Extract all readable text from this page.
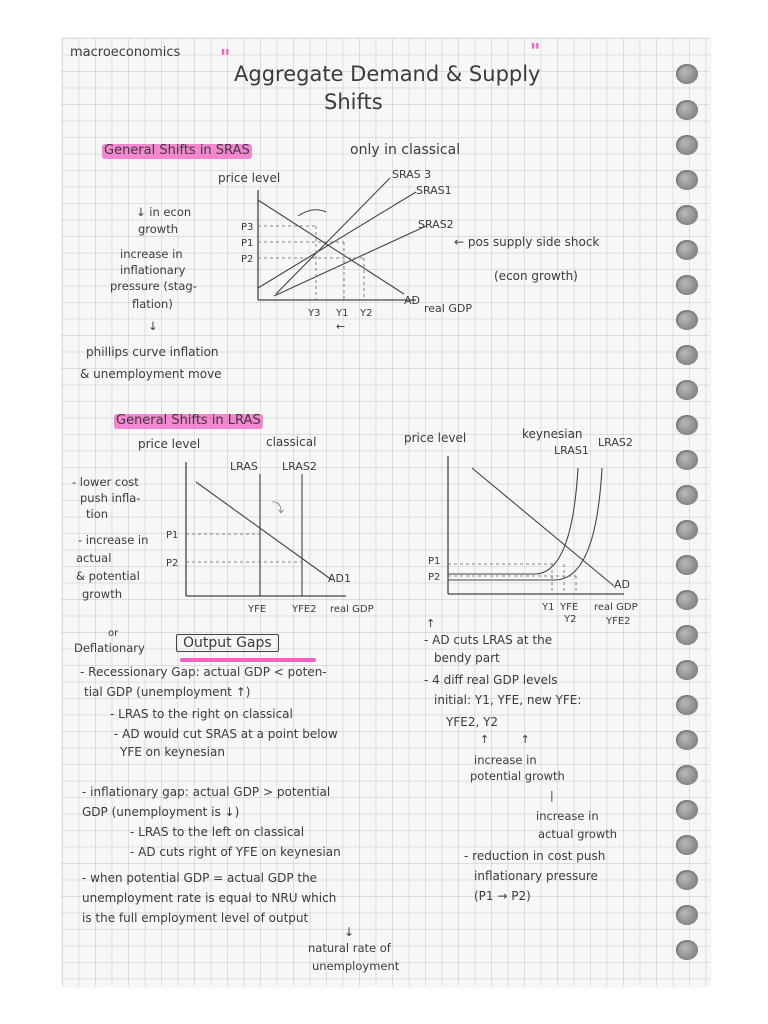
macroeconomics "
Aggregate Demand & Supply
Shifts
"
General Shifts in SRAS	only in classical
price level	SRAS 3
SRAS1
SRAS2
AD
P3
P1
P2
Y3 Y1 Y2
←
real GDP
↓ in econ
growth
increase in
inflationary
pressure (stag-
flation)
↓
phillips curve inflation
& unemployment move
← pos supply side shock
(econ growth)
General Shifts in LRAS
price level	classical
⤵
LRAS LRAS2
AD1
P1
P2
YFE	YFE2 real GDP
- lower cost
push infla-
tion
- increase in
actual
& potential
growth
price level	keynesian
LRAS1
LRAS2
AD
P1
P2
Y1 YFE
Y2
real GDP
YFE2
Deflationary
or
Output Gaps
- Recessionary Gap: actual GDP < poten-
tial GDP (unemployment ↑)
- LRAS to the right on classical
- AD would cut SRAS at a point below
YFE on keynesian
- inflationary gap: actual GDP > potential
GDP (unemployment is ↓)
- LRAS to the left on classical
- AD cuts right of YFE on keynesian
- when potential GDP = actual GDP the
unemployment rate is equal to NRU which
is the full employment level of output
↓
natural rate of
unemployment
↑
- AD cuts LRAS at the
bendy part
- 4 diff real GDP levels
initial: Y1, YFE, new YFE:
YFE2, Y2
↑         ↑
increase in
potential growth
|
increase in
actual growth
- reduction in cost push
inflationary pressure
(P1 → P2)
